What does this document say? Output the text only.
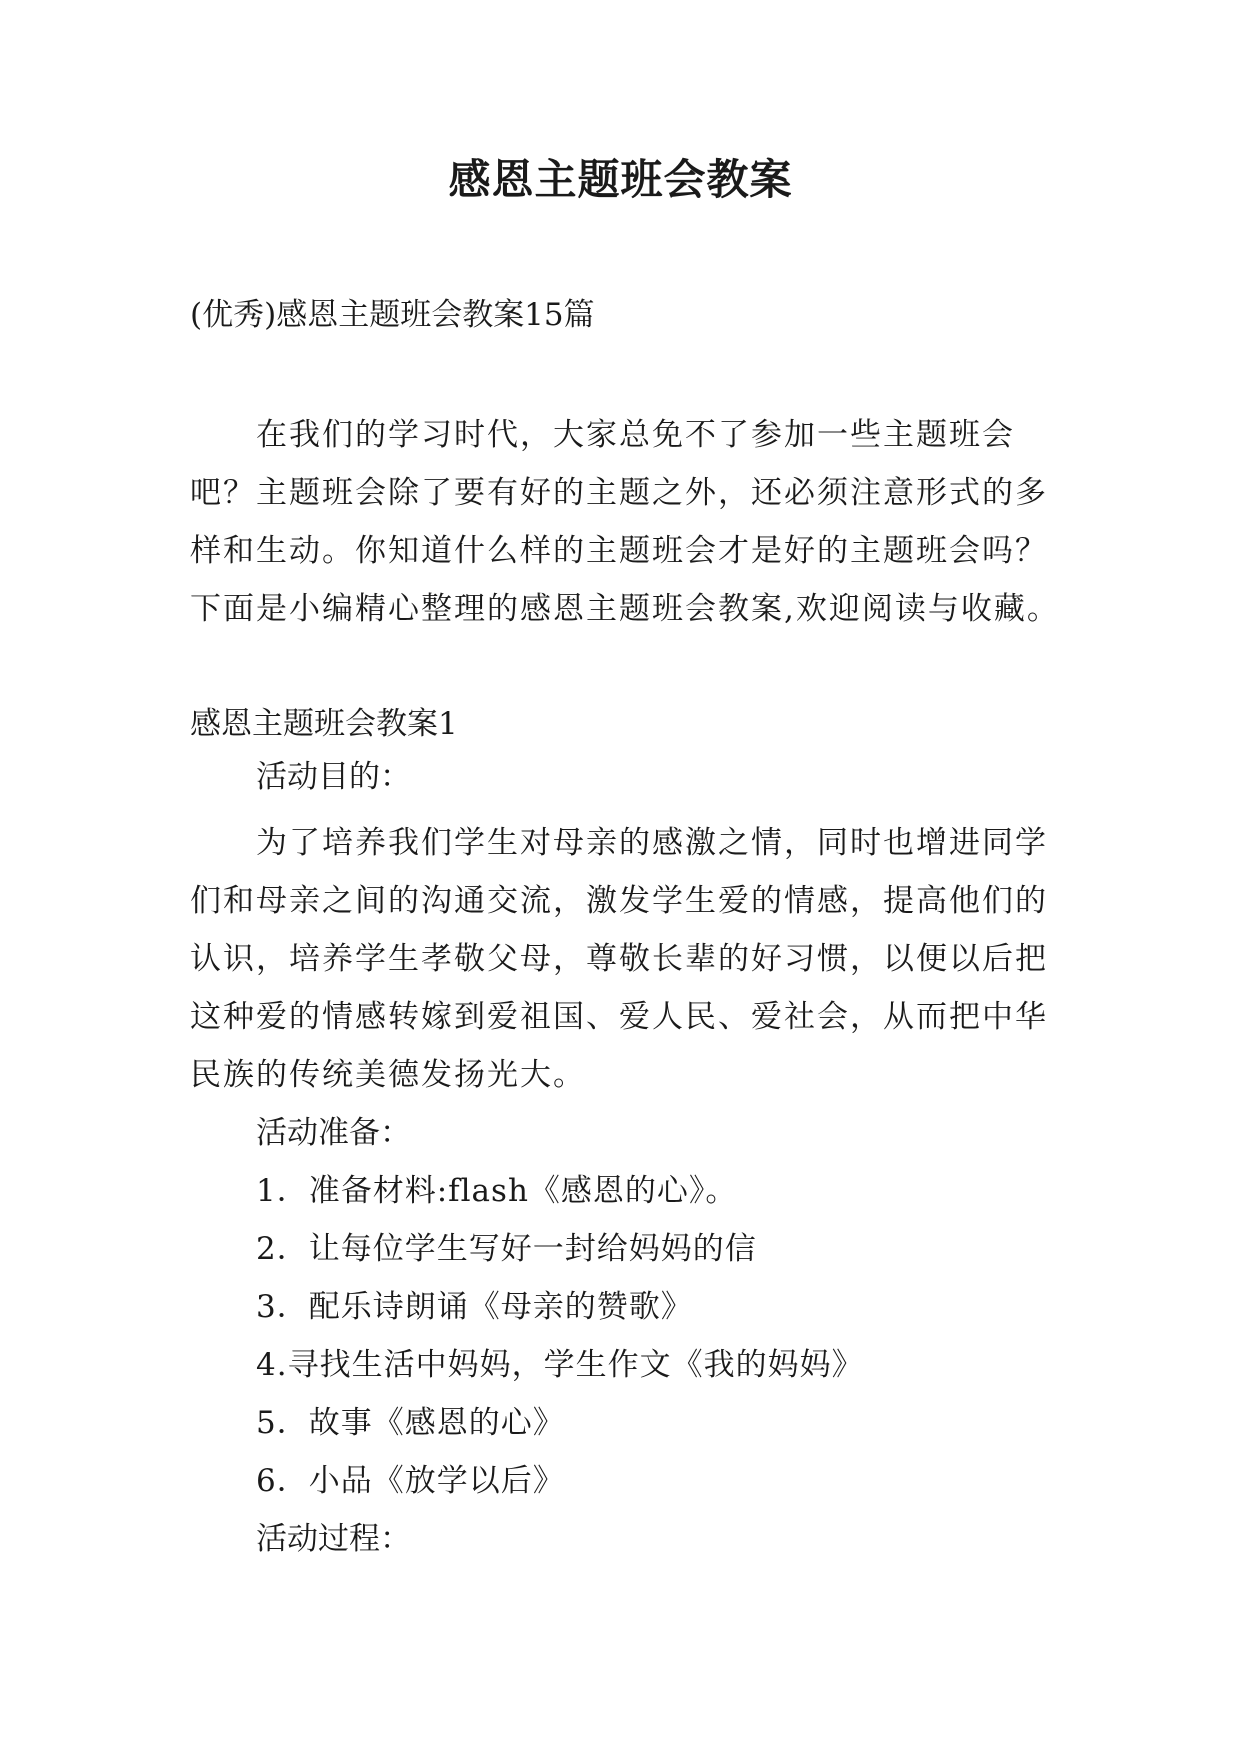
感恩主题班会教案
(优秀)感恩主题班会教案15篇

在我们的学习时代，大家总免不了参加一些主题班会吧？主题班会除了要有好的主题之外，还必须注意形式的多样和生动。你知道什么样的主题班会才是好的主题班会吗？下面是小编精心整理的感恩主题班会教案,欢迎阅读与收藏。

感恩主题班会教案1

活动目的：

为了培养我们学生对母亲的感激之情，同时也增进同学们和母亲之间的沟通交流，激发学生爱的情感，提高他们的认识，培养学生孝敬父母，尊敬长辈的好习惯，以便以后把这种爱的情感转嫁到爱祖国、爱人民、爱社会，从而把中华民族的传统美德发扬光大。

活动准备：

1．准备材料:flash《感恩的心》。
2．让每位学生写好一封给妈妈的信
3．配乐诗朗诵《母亲的赞歌》
4.寻找生活中妈妈，学生作文《我的妈妈》
5．故事《感恩的心》
6．小品《放学以后》

活动过程：
